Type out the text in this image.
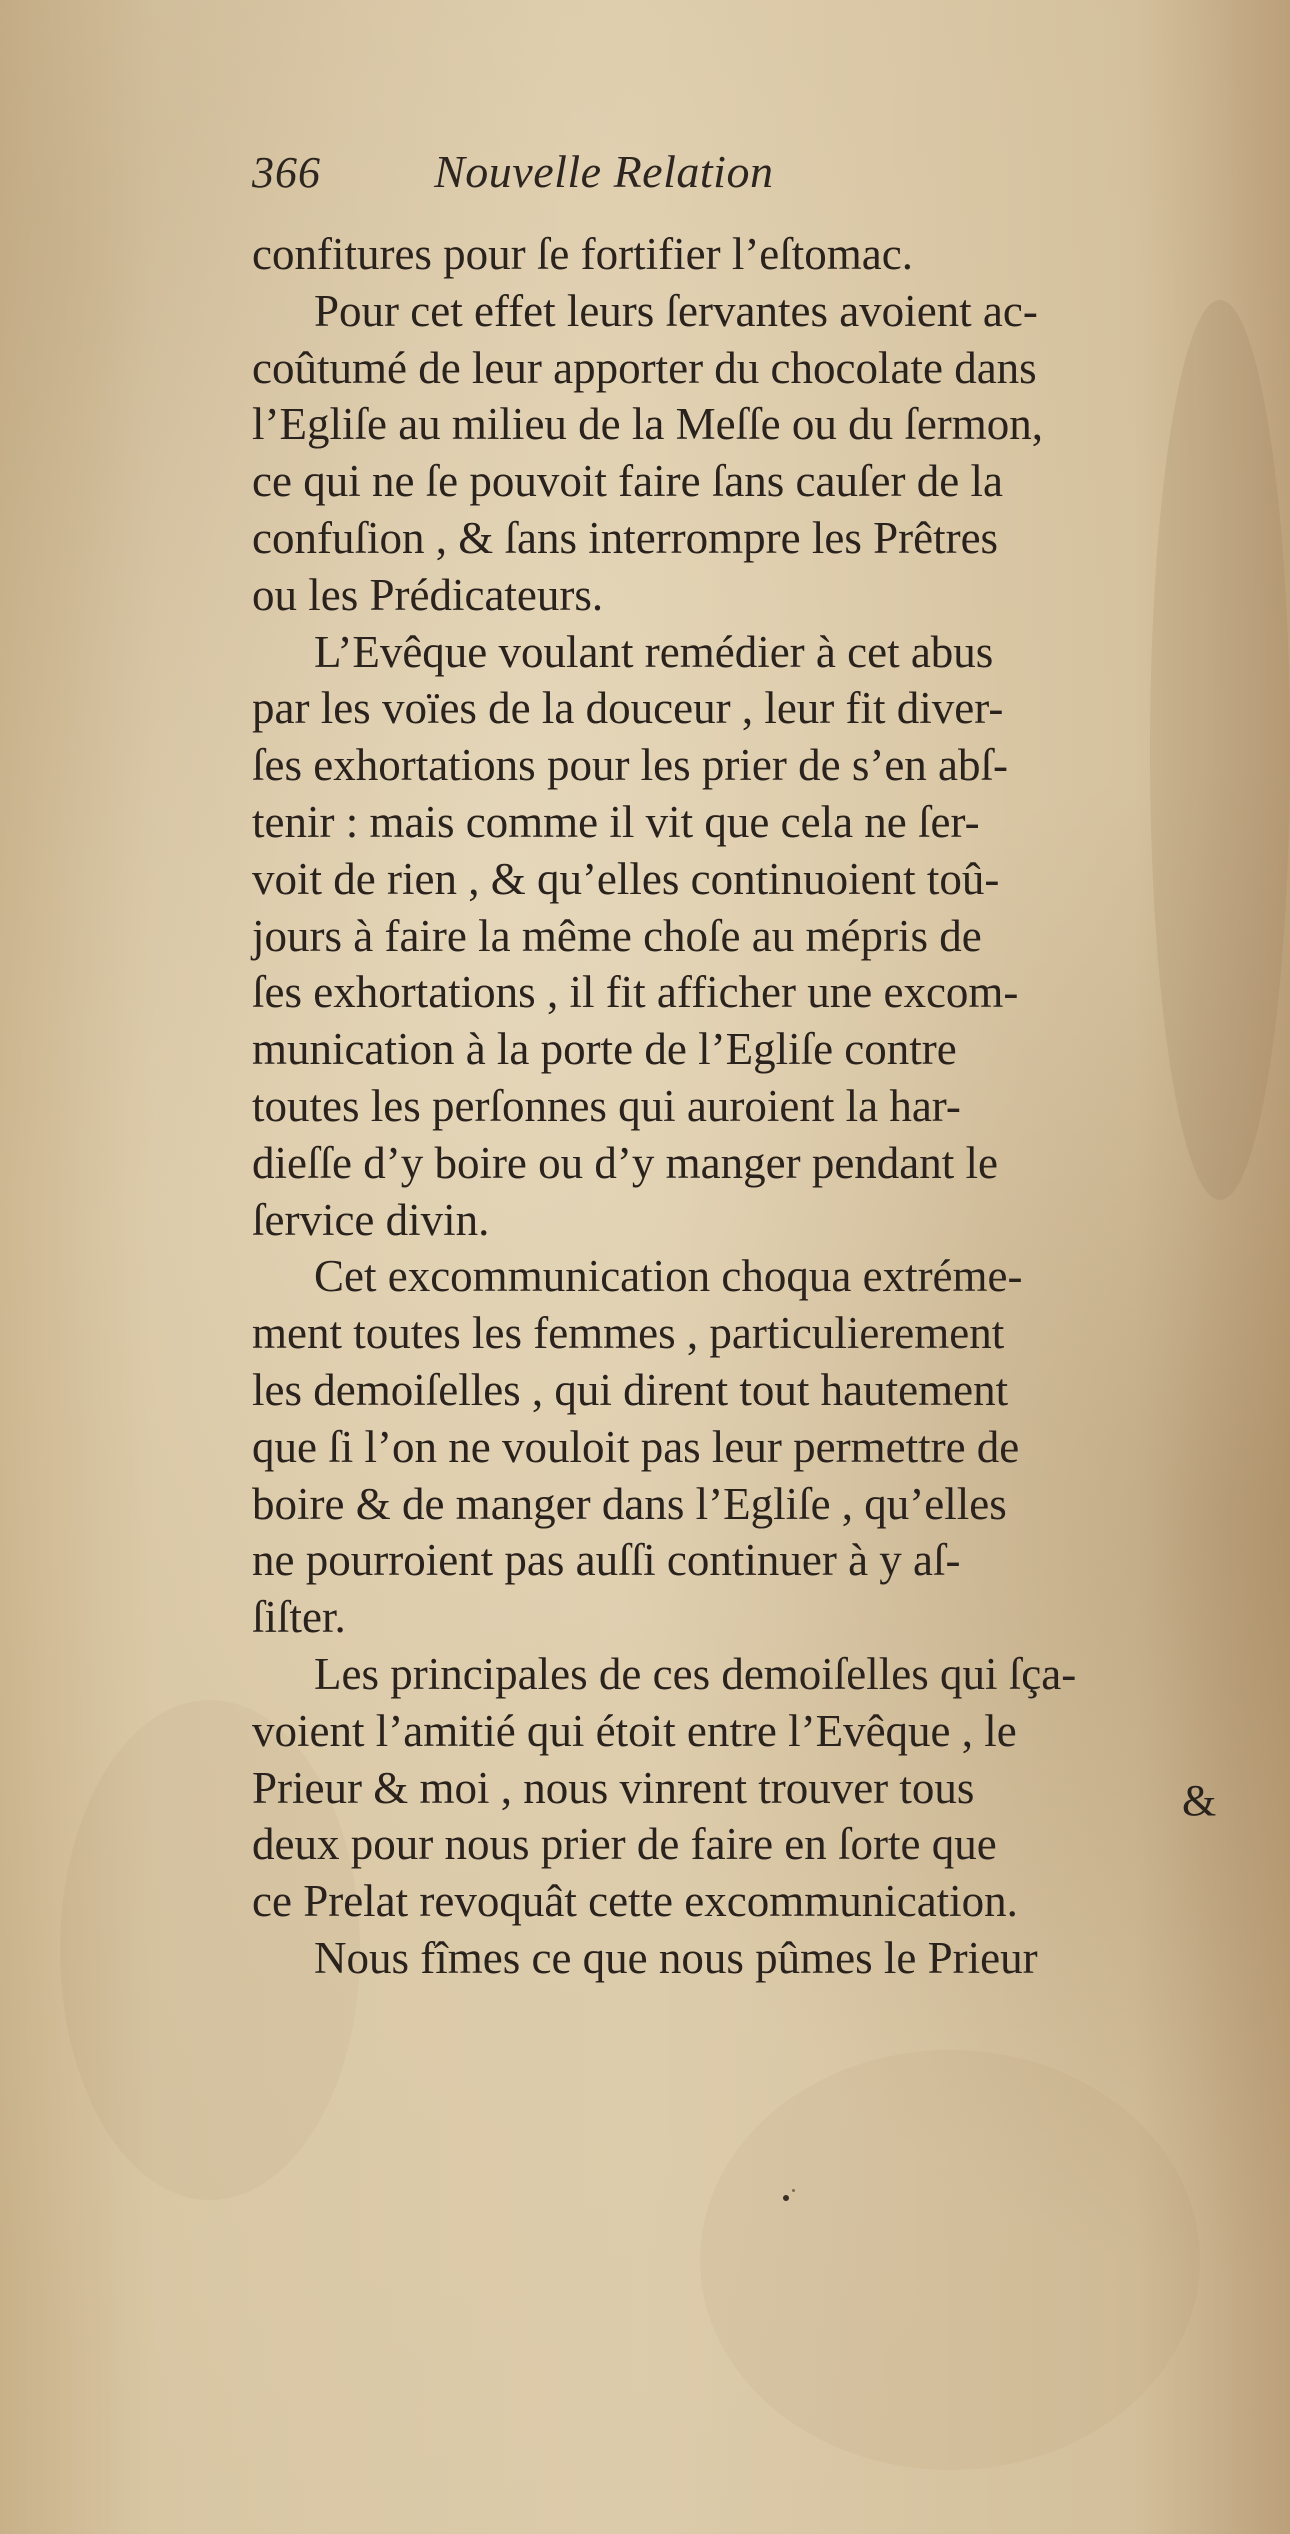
366 Nouvelle Relation
confitures pour ſe fortifier l’eſtomac.
Pour cet effet leurs ſervantes avoient ac-
coûtumé de leur apporter du chocolate dans
l’Egliſe au milieu de la Meſſe ou du ſermon,
ce qui ne ſe pouvoit faire ſans cauſer de la
confuſion , & ſans interrompre les Prêtres
ou les Prédicateurs.
L’Evêque voulant remédier à cet abus
par les voïes de la douceur , leur fit diver-
ſes exhortations pour les prier de s’en abſ-
tenir : mais comme il vit que cela ne ſer-
voit de rien , & qu’elles continuoient toû-
jours à faire la même choſe au mépris de
ſes exhortations , il fit afficher une excom-
munication à la porte de l’Egliſe contre
toutes les perſonnes qui auroient la har-
dieſſe d’y boire ou d’y manger pendant le
ſervice divin.
Cet excommunication choqua extréme-
ment toutes les femmes , particulierement
les demoiſelles , qui dirent tout hautement
que ſi l’on ne vouloit pas leur permettre de
boire & de manger dans l’Egliſe , qu’elles
ne pourroient pas auſſi continuer à y aſ-
ſiſter.
Les principales de ces demoiſelles qui ſça-
voient l’amitié qui étoit entre l’Evêque , le
Prieur & moi , nous vinrent trouver tous
deux pour nous prier de faire en ſorte que
ce Prelat revoquât cette excommunication.
Nous fîmes ce que nous pûmes le Prieur
&
